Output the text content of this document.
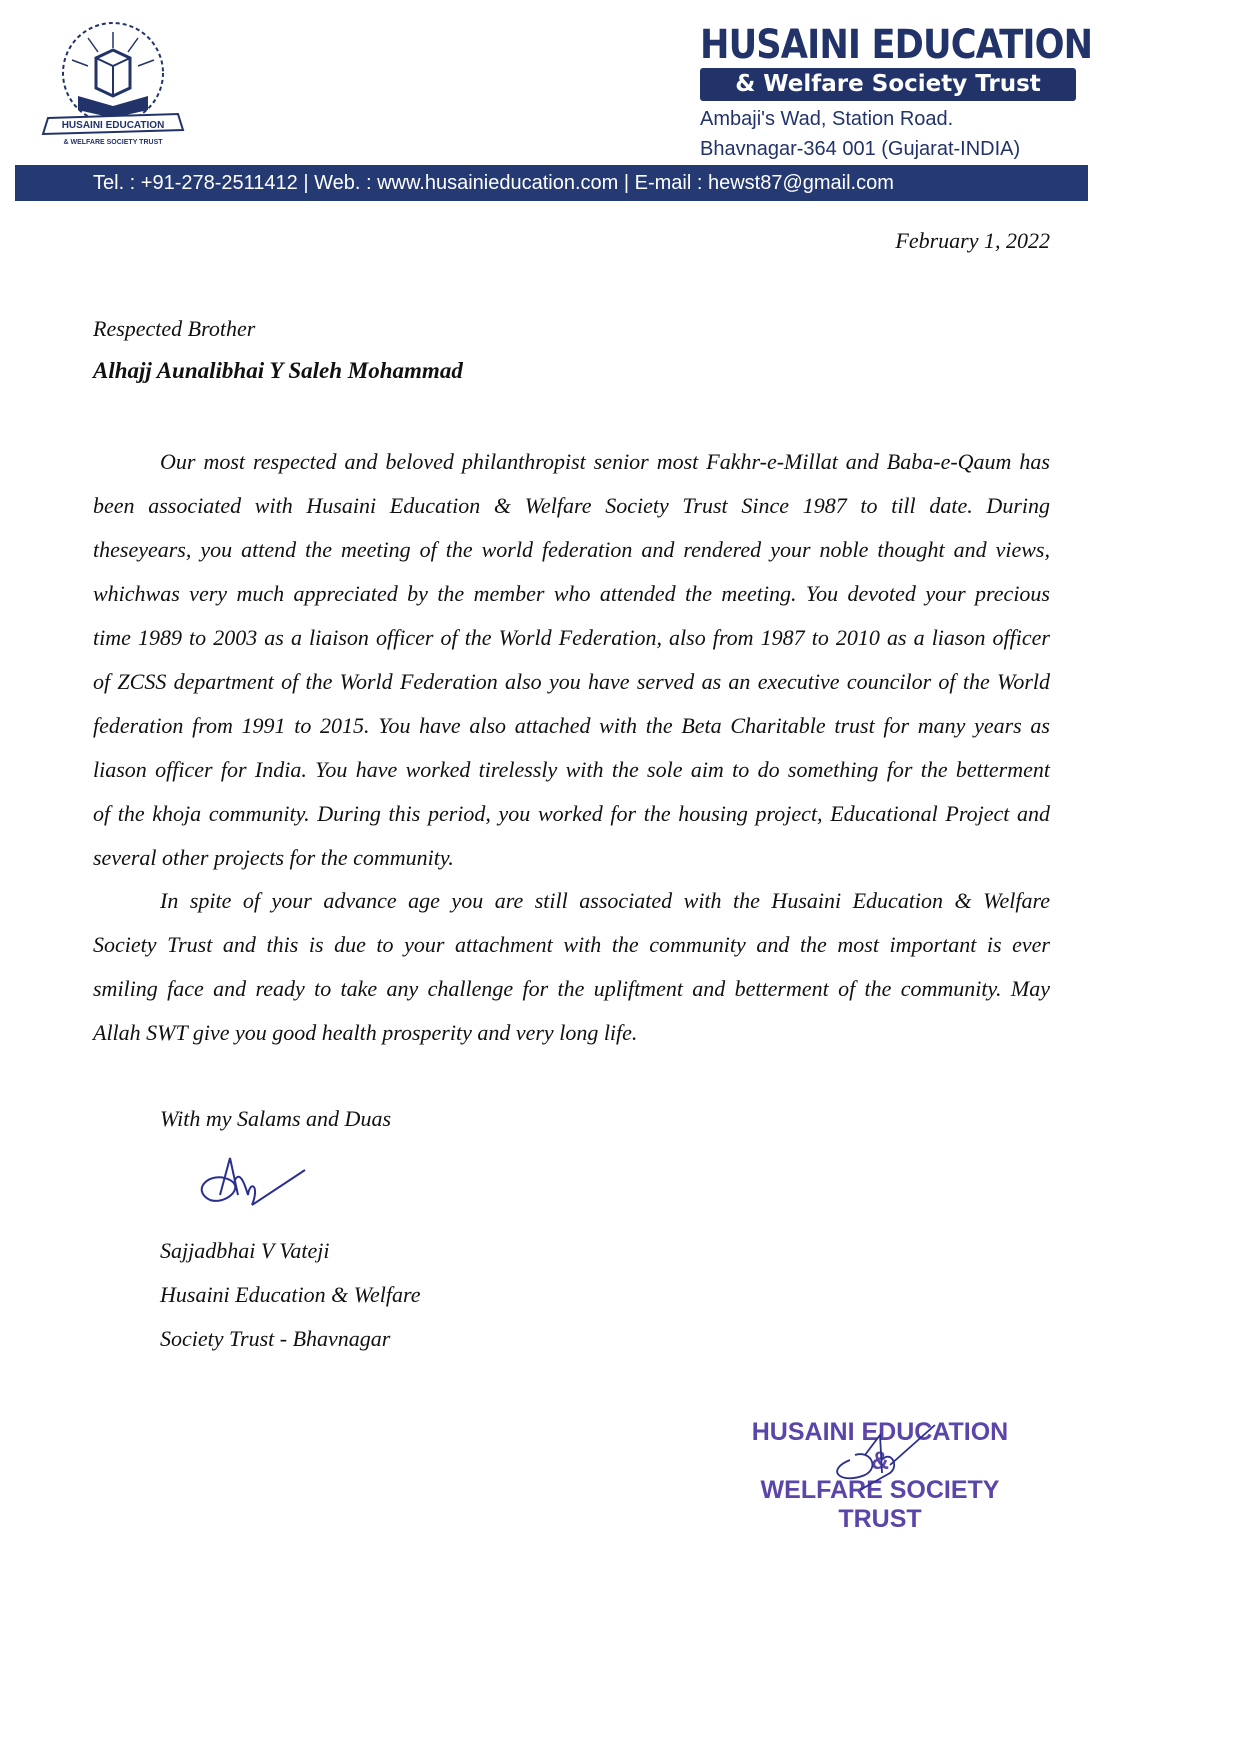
HUSAINI EDUCATION
& WELFARE SOCIETY TRUST
HUSAINI EDUCATION
& Welfare Society Trust
Ambaji's Wad, Station Road.
Bhavnagar-364 001 (Gujarat-INDIA)
Tel. : +91-278-2511412 | Web. : www.husainieducation.com | E-mail : hewst87@gmail.com
February 1, 2022
Respected Brother
Alhajj Aunalibhai Y Saleh Mohammad
Our most respected and beloved philanthropist senior most Fakhr-e-Millat and Baba-e-Qaum has
been associated with Husaini Education & Welfare Society Trust Since 1987 to till date. During
theseyears, you attend the meeting of the world federation and rendered your noble thought and views,
whichwas very much appreciated by the member who attended the meeting. You devoted your precious
time 1989 to 2003 as a liaison officer of the World Federation, also from 1987 to 2010 as a liason officer
of ZCSS department of the World Federation also you have served as an executive councilor of the World
federation from 1991 to 2015. You have also attached with the Beta Charitable trust for many years as
liason officer for India. You have worked tirelessly with the sole aim to do something for the betterment
of the khoja community. During this period, you worked for the housing project, Educational Project and
several other projects for the community.
In spite of your advance age you are still associated with the Husaini Education & Welfare
Society Trust and this is due to your attachment with the community and the most important is ever
smiling face and ready to take any challenge for the upliftment and betterment of the community. May
Allah SWT give you good health prosperity and very long life.
With my Salams and Duas
Sajjadbhai V Vateji
Husaini Education & Welfare
Society Trust - Bhavnagar
HUSAINI EDUCATION &
WELFARE SOCIETY TRUST
